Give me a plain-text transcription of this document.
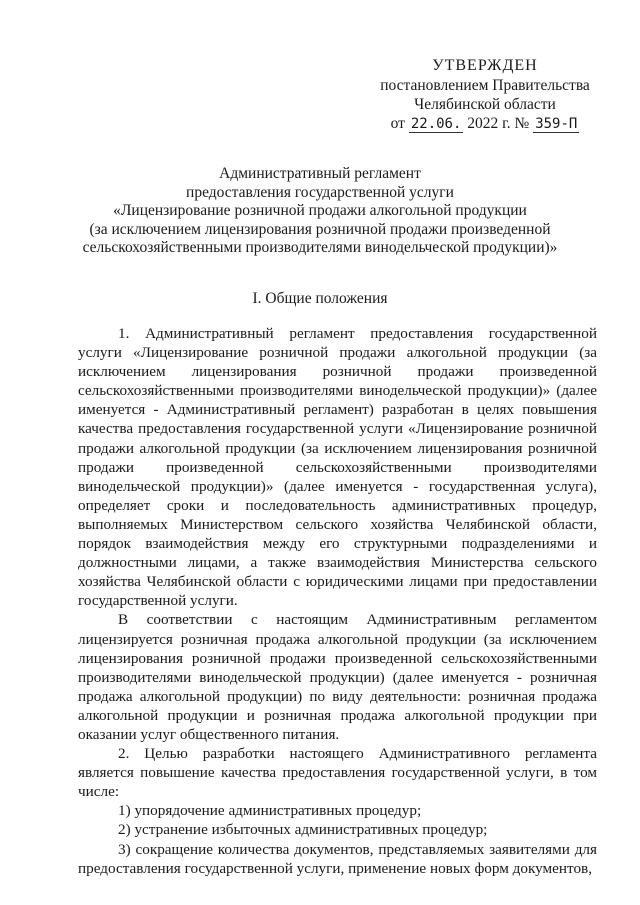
УТВЕРЖДЕН
постановлением Правительства
Челябинской области
от 22.06. 2022 г. № 359-П
Административный регламент
предоставления государственной услуги
«Лицензирование розничной продажи алкогольной продукции
(за исключением лицензирования розничной продажи произведенной
сельскохозяйственными производителями винодельческой продукции)»
I. Общие положения

1. Административный регламент предоставления государственной услуги «Лицензирование розничной продажи алкогольной продукции (за исключением лицензирования розничной продажи произведенной сельскохозяйственными производителями винодельческой продукции)» (далее именуется - Административный регламент) разработан в целях повышения качества предоставления государственной услуги «Лицензирование розничной продажи алкогольной продукции (за исключением лицензирования розничной продажи произведенной сельскохозяйственными производителями винодельческой продукции)» (далее именуется - государственная услуга), определяет сроки и последовательность административных процедур, выполняемых Министерством сельского хозяйства Челябинской области, порядок взаимодействия между его структурными подразделениями и должностными лицами, а также взаимодействия Министерства сельского хозяйства Челябинской области с юридическими лицами при предоставлении государственной услуги.

В соответствии с настоящим Административным регламентом лицензируется розничная продажа алкогольной продукции (за исключением лицензирования розничной продажи произведенной сельскохозяйственными производителями винодельческой продукции) (далее именуется - розничная продажа алкогольной продукции) по виду деятельности: розничная продажа алкогольной продукции и розничная продажа алкогольной продукции при оказании услуг общественного питания.

2. Целью разработки настоящего Административного регламента является повышение качества предоставления государственной услуги, в том числе:

1) упорядочение административных процедур;

2) устранение избыточных административных процедур;

3) сокращение количества документов, представляемых заявителями для предоставления государственной услуги, применение новых форм документов,
